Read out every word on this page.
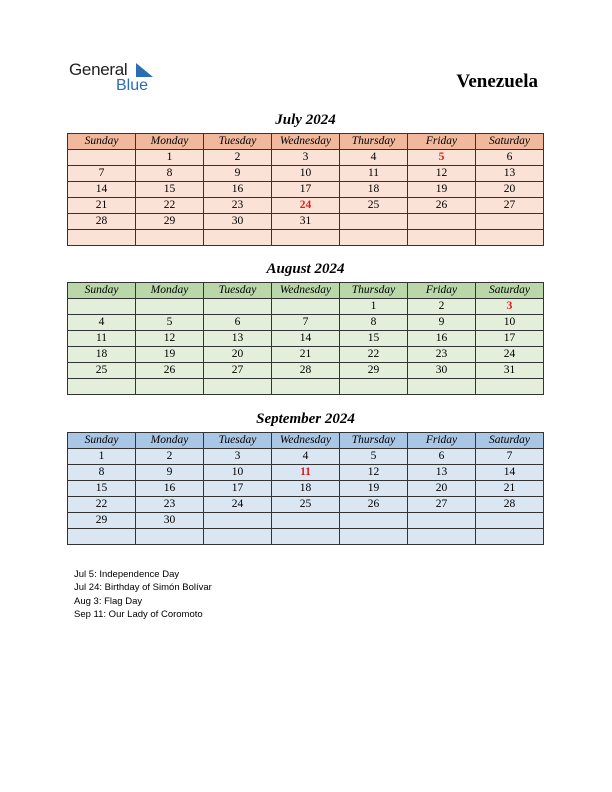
General
Blue	Venezuela
July 2024
Sunday	Monday	Tuesday	Wednesday	Thursday	Friday	Saturday
	1	2	3	4	5	6
7	8	9	10	11	12	13
14	15	16	17	18	19	20
21	22	23	24	25	26	27
28	29	30	31			

August 2024
Sunday	Monday	Tuesday	Wednesday	Thursday	Friday	Saturday
				1	2	3
4	5	6	7	8	9	10
11	12	13	14	15	16	17
18	19	20	21	22	23	24
25	26	27	28	29	30	31

September 2024
Sunday	Monday	Tuesday	Wednesday	Thursday	Friday	Saturday
1	2	3	4	5	6	7
8	9	10	11	12	13	14
15	16	17	18	19	20	21
22	23	24	25	26	27	28
29	30					

Jul 5: Independence Day
Jul 24: Birthday of Simón Bolívar
Aug 3: Flag Day
Sep 11: Our Lady of Coromoto
